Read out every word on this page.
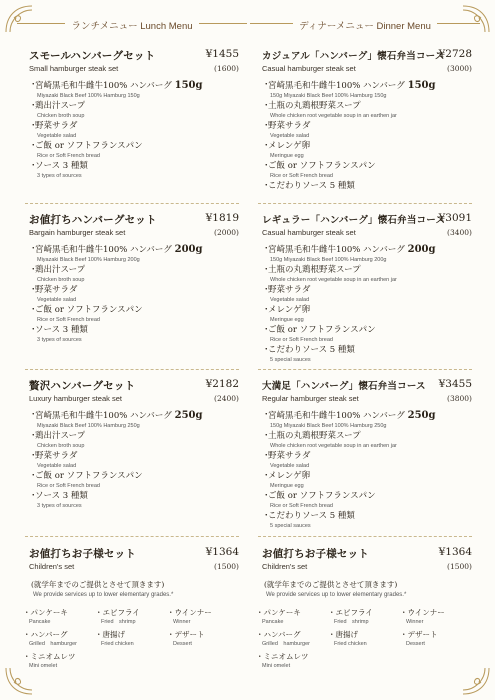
ランチメニュー Lunch Menu
スモールハンバーグセット	¥1455
Small hamburger steak set	(1600)
・
宮崎黒毛和牛雌牛100% ハンバーグ 150g
Miyazaki Black Beef 100% Hamburg 150g
・
鶏出汁スープ
Chicken broth soup
・
野菜サラダ
Vegetable salad
・
ご飯 or ソフトフランスパン
Rice or Soft French bread
・
ソース 3 種類
3 types of sources
お値打ちハンバーグセット	¥1819
Bargain hamburger steak set	(2000)
・
宮崎黒毛和牛雌牛100% ハンバーグ 200g
Miyazaki Black Beef 100% Hamburg 200g
・
鶏出汁スープ
Chicken broth soup
・
野菜サラダ
Vegetable salad
・
ご飯 or ソフトフランスパン
Rice or Soft French bread
・
ソース 3 種類
3 types of sources
贅沢ハンバーグセット	¥2182
Luxury hamburger steak set	(2400)
・
宮崎黒毛和牛雌牛100% ハンバーグ 250g
Miyazaki Black Beef 100% Hamburg 250g
・
鶏出汁スープ
Chicken broth soup
・
野菜サラダ
Vegetable salad
・
ご飯 or ソフトフランスパン
Rice or Soft French bread
・
ソース 3 種類
3 types of sources
お値打ちお子様セット	¥1364
Children's set	(1500)
(就学年までのご提供とさせて頂きます)
We provide services up to lower elementary grades.*
・パンケーキ
Pancake
・エビフライ
Fried　shrimp
・ウインナー
Winner
・ハンバーグ
Grilled　hamburger
・唐揚げ
Fried chicken
・デザート
Dessert
・ミニオムレツ
Mini omelet
ディナーメニュー Dinner Menu
カジュアル「ハンバーグ」懐石弁当コース
¥2728
Casual hamburger steak set	(3000)
・
宮崎黒毛和牛雌牛100% ハンバーグ 150g
150g Miyazaki Black Beef 100% Hamburg 150g
・
土瓶の丸鶏根野菜スープ
Whole chicken root vegetable soup in an earthen jar
・
野菜サラダ
Vegetable salad
・
メレンゲ卵
Meringue egg
・
ご飯 or ソフトフランスパン
Rice or Soft French bread
・
こだわりソース 5 種類
レギュラー「ハンバーグ」懐石弁当コース
¥3091
Casual hamburger steak set	(3400)
・
宮崎黒毛和牛雌牛100% ハンバーグ 200g
150g Miyazaki Black Beef 100% Hamburg 200g
・
土瓶の丸鶏根野菜スープ
Whole chicken root vegetable soup in an earthen jar
・
野菜サラダ
Vegetable salad
・
メレンゲ卵
Meringue egg
・
ご飯 or ソフトフランスパン
Rice or Soft French bread
・
こだわりソース 5 種類
5 special sauces
大満足「ハンバーグ」懐石弁当コース ¥3455
Regular hamburger steak set	(3800)
・
宮崎黒毛和牛雌牛100% ハンバーグ 250g
150g Miyazaki Black Beef 100% Hamburg 250g
・
土瓶の丸鶏根野菜スープ
Whole chicken root vegetable soup in an earthen jar
・
野菜サラダ
Vegetable salad
・
メレンゲ卵
Meringue egg
・
ご飯 or ソフトフランスパン
Rice or Soft French bread
・
こだわりソース 5 種類
5 special sauces
お値打ちお子様セット	¥1364
Children's set	(1500)
(就学年までのご提供とさせて頂きます)
We provide services up to lower elementary grades.*
・パンケーキ
Pancake
・エビフライ
Fried　shrimp
・ウインナー
Winner
・ハンバーグ
Grilled　hamburger
・唐揚げ
Fried chicken
・デザート
Dessert
・ミニオムレツ
Mini omelet
